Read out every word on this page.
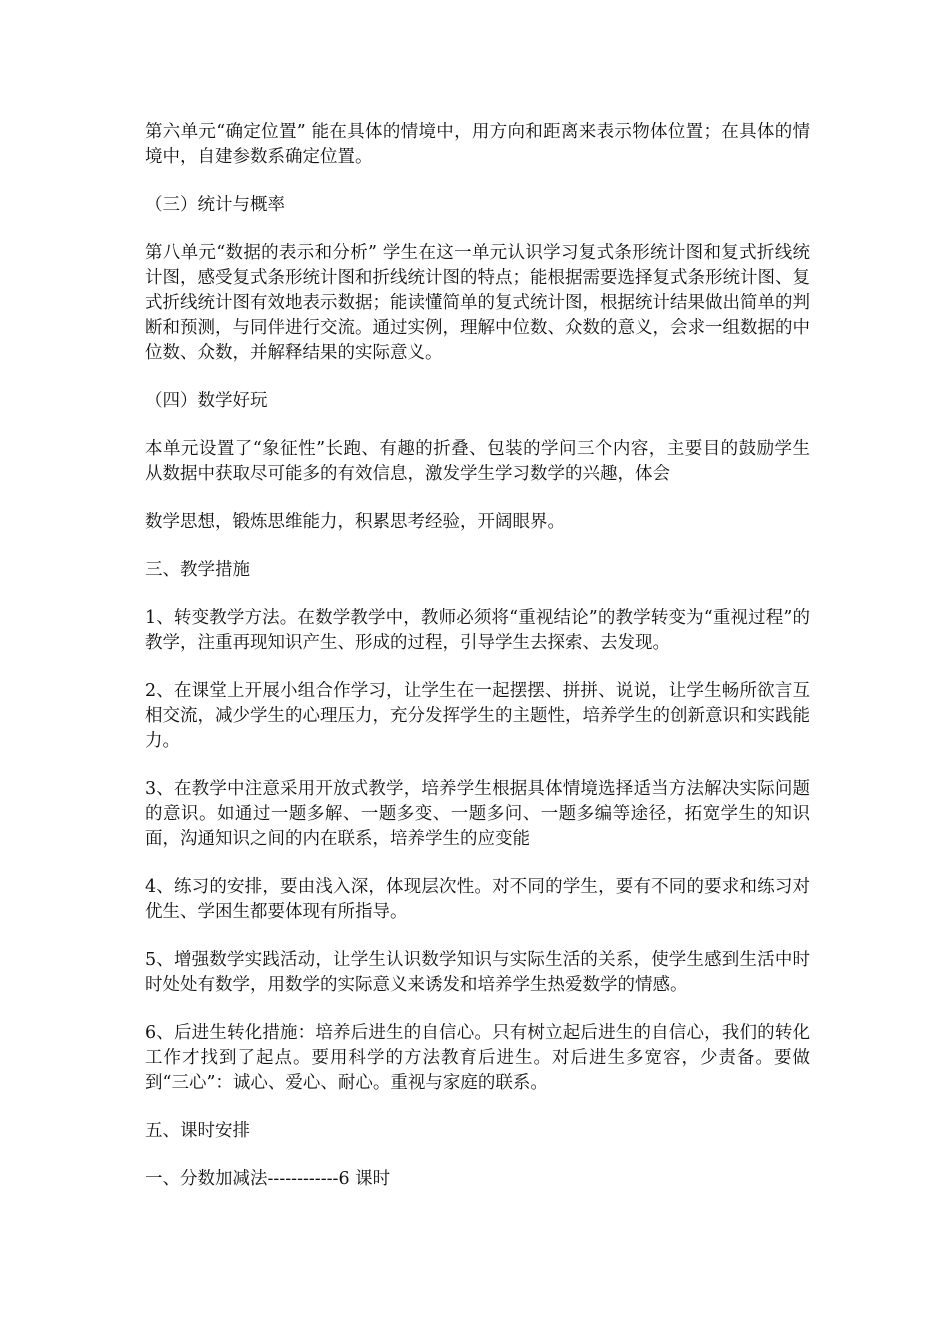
第六单元“确定位置” 能在具体的情境中，用方向和距离来表示物体位置；在具体的情境中，自建参数系确定位置。

（三）统计与概率

第八单元“数据的表示和分析” 学生在这一单元认识学习复式条形统计图和复式折线统计图，感受复式条形统计图和折线统计图的特点；能根据需要选择复式条形统计图、复式折线统计图有效地表示数据；能读懂简单的复式统计图，根据统计结果做出简单的判断和预测，与同伴进行交流。通过实例，理解中位数、众数的意义，会求一组数据的中位数、众数，并解释结果的实际意义。

（四）数学好玩

本单元设置了“象征性”长跑、有趣的折叠、包装的学问三个内容，主要目的鼓励学生从数据中获取尽可能多的有效信息，激发学生学习数学的兴趣，体会

数学思想，锻炼思维能力，积累思考经验，开阔眼界。

三、教学措施

1、转变教学方法。在数学教学中，教师必须将“重视结论”的教学转变为“重视过程”的教学，注重再现知识产生、形成的过程，引导学生去探索、去发现。

2、在课堂上开展小组合作学习，让学生在一起摆摆、拼拼、说说，让学生畅所欲言互相交流，减少学生的心理压力，充分发挥学生的主题性，培养学生的创新意识和实践能力。

3、在教学中注意采用开放式教学，培养学生根据具体情境选择适当方法解决实际问题的意识。如通过一题多解、一题多变、一题多问、一题多编等途径，拓宽学生的知识面，沟通知识之间的内在联系，培养学生的应变能

4、练习的安排，要由浅入深，体现层次性。对不同的学生，要有不同的要求和练习对优生、学困生都要体现有所指导。

5、增强数学实践活动，让学生认识数学知识与实际生活的关系，使学生感到生活中时时处处有数学，用数学的实际意义来诱发和培养学生热爱数学的情感。

6、后进生转化措施：培养后进生的自信心。只有树立起后进生的自信心，我们的转化工作才找到了起点。要用科学的方法教育后进生。对后进生多宽容，少责备。要做到“三心”：诚心、爱心、耐心。重视与家庭的联系。

五、课时安排

一、分数加减法------------6 课时
